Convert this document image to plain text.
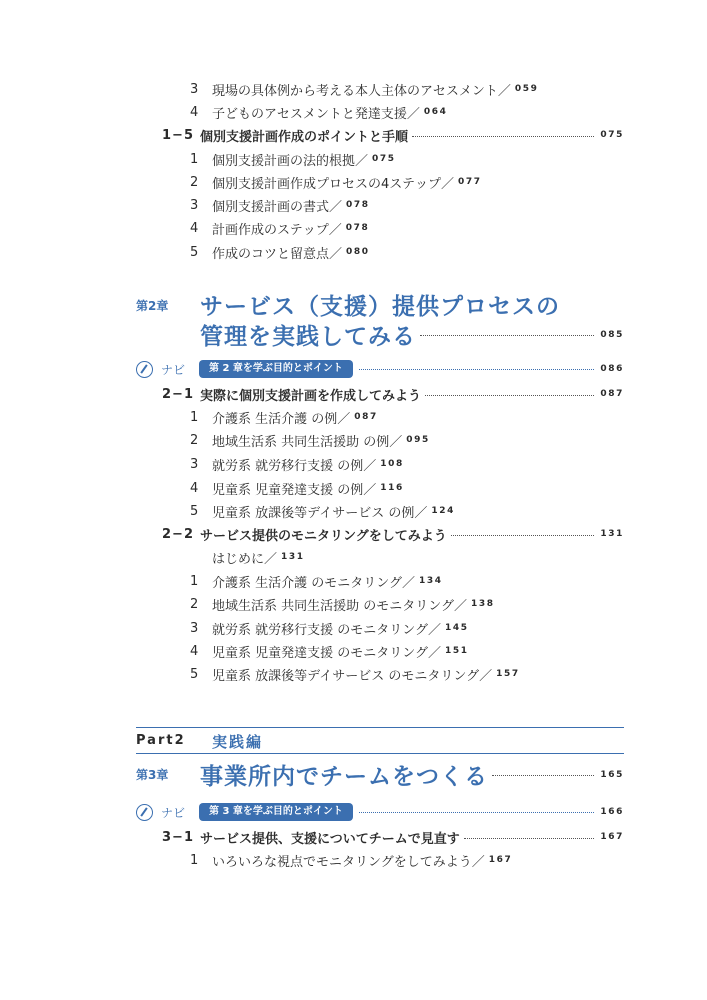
3	現場の具体例から考える本人主体のアセスメント ／ 059
4	子どものアセスメントと発達支援 ／ 064
1−5 個別支援計画作成のポイントと手順	075
1	個別支援計画の法的根拠 ／ 075
2	個別支援計画作成プロセスの4ステップ ／ 077
3	個別支援計画の書式 ／ 078
4	計画作成のステップ ／ 078
5	作成のコツと留意点 ／ 080
第2章 サービス（支援）提供プロセスの
管理を実践してみる	085
ナビ	第 2 章を学ぶ目的とポイント	086
2−1 実際に個別支援計画を作成してみよう	087
1	介護系 生活介護 の例 ／ 087
2	地域生活系 共同生活援助 の例 ／ 095
3	就労系 就労移行支援 の例 ／ 108
4	児童系 児童発達支援 の例 ／ 116
5	児童系 放課後等デイサービス の例 ／ 124
2−2 サービス提供のモニタリングをしてみよう	131
はじめに ／ 131
1	介護系 生活介護 のモニタリング ／ 134
2	地域生活系 共同生活援助 のモニタリング ／ 138
3	就労系 就労移行支援 のモニタリング ／ 145
4	児童系 児童発達支援 のモニタリング ／ 151
5	児童系 放課後等デイサービス のモニタリング ／ 157
Part2 実践編
第3章 事業所内でチームをつくる	165
ナビ	第 3 章を学ぶ目的とポイント	166
3−1 サービス提供、支援についてチームで見直す	167
1	いろいろな視点でモニタリングをしてみよう ／ 167
